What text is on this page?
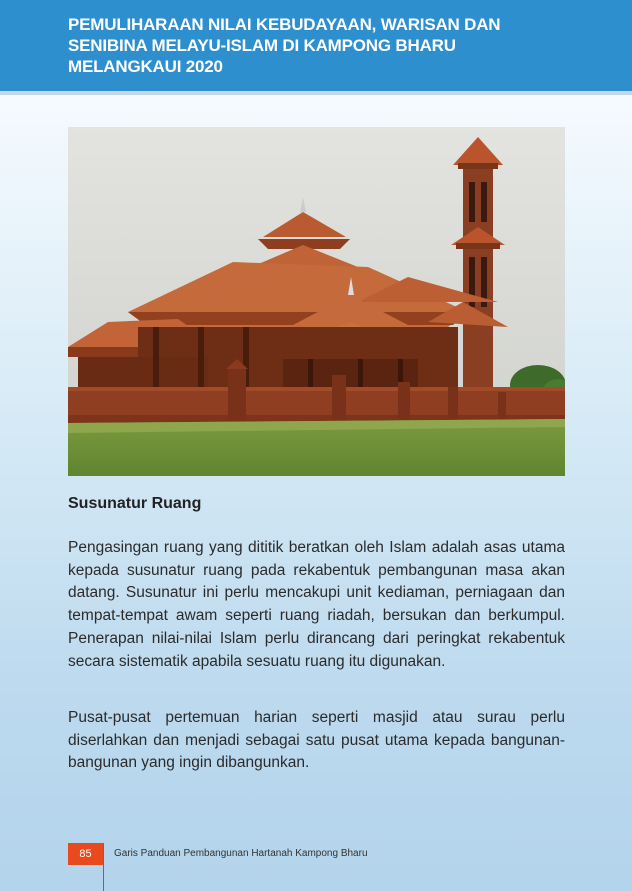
PEMULIHARAAN NILAI KEBUDAYAAN, WARISAN DAN SENIBINA MELAYU-ISLAM DI KAMPONG BHARU MELANGKAUI 2020
Susunatur Ruang

Pengasingan ruang yang dititik beratkan oleh Islam adalah asas utama kepada susunatur ruang pada rekabentuk pembangunan masa akan datang. Susunatur ini perlu mencakupi unit kediaman, perniagaan dan tempat-tempat awam seperti ruang riadah, bersukan dan berkumpul. Penerapan nilai-nilai Islam perlu dirancang dari peringkat rekabentuk secara sistematik apabila sesuatu ruang itu digunakan.

Pusat-pusat pertemuan harian seperti masjid atau surau perlu diserlahkan dan menjadi sebagai satu pusat utama kepada bangunan-bangunan yang ingin dibangunkan.

85	Garis Panduan Pembangunan Hartanah Kampong Bharu
